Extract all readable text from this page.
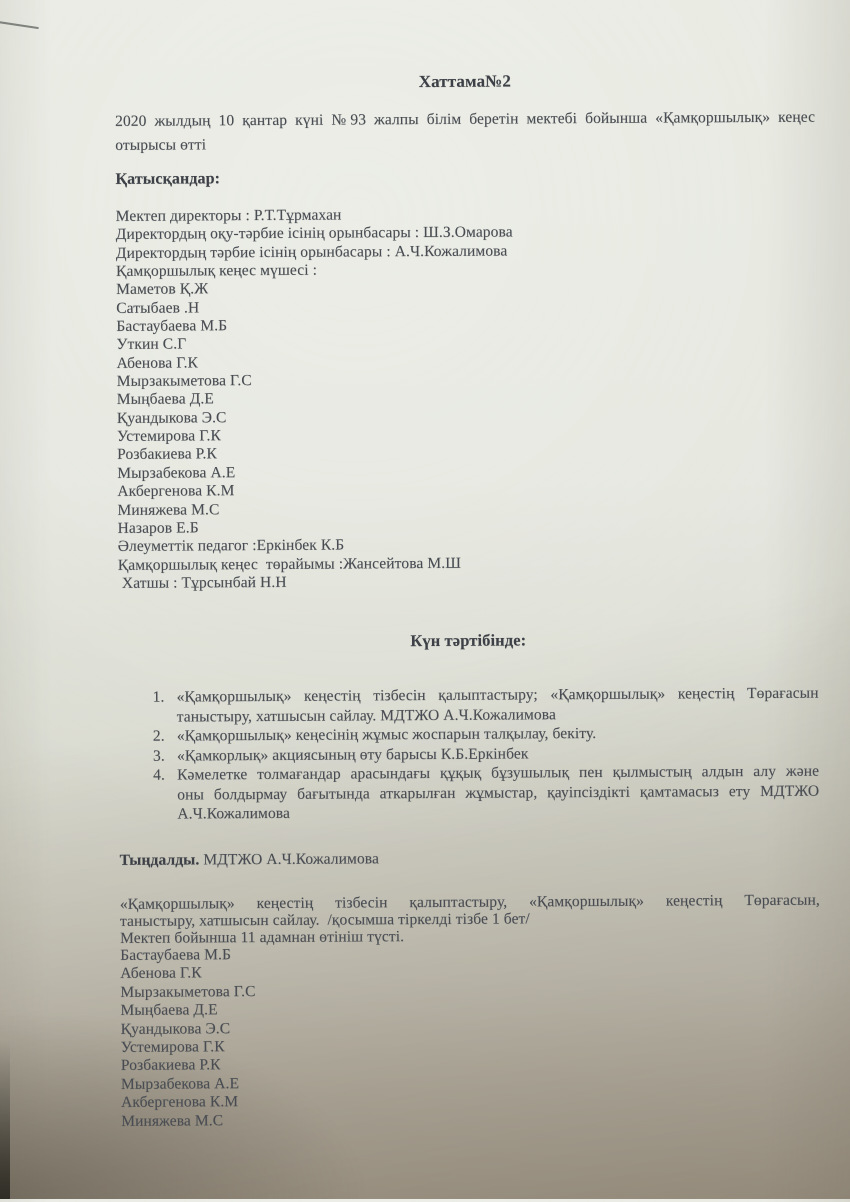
Хаттама№2
2020 жылдың 10 қантар күні №93 жалпы білім беретін мектебі бойынша «Қамқоршылық» кеңес
отырысы өтті
Қатысқандар:
Мектеп директоры : Р.Т.Тұрмахан
Директордың оқу-тәрбие ісінің орынбасары : Ш.З.Омарова
Директордың тәрбие ісінің орынбасары : А.Ч.Кожалимова
Қамқоршылық кеңес мүшесі :
Маметов Қ.Ж
Сатыбаев .Н
Бастаубаева М.Б
Уткин С.Г
Абенова Г.К
Мырзакыметова Г.С
Мыңбаева Д.Е
Қуандыкова Э.С
Устемирова Г.К
Розбакиева Р.К
Мырзабекова А.Е
Акбергенова К.М
Миняжева М.С
Назаров Е.Б
Әлеуметтік педагог :Еркінбек К.Б
Қамқоршылық кеңес  төрайымы :Жансейтова М.Ш
Хатшы : Тұрсынбай Н.Н
Күн тәртібінде:
1. «Қамқоршылық» кеңестің тізбесін қалыптастыру; «Қамқоршылық» кеңестің Төрағасын
таныстыру, хатшысын сайлау. МДТЖО А.Ч.Кожалимова
2. «Қамқоршылық» кеңесінің жұмыс жоспарын талқылау, бекіту.
3. «Қамкорлық» акциясының өту барысы К.Б.Еркінбек
4. Кәмелетке толмағандар арасындағы құқық бұзушылық пен қылмыстың алдын алу және
оны болдырмау бағытында аткарылған жұмыстар, қауіпсіздікті қамтамасыз ету МДТЖО
А.Ч.Кожалимова
Тыңдалды. МДТЖО А.Ч.Кожалимова
«Қамқоршылық» кеңестің тізбесін қалыптастыру, «Қамқоршылық» кеңестің Төрағасын,
таныстыру, хатшысын сайлау.  /қосымша тіркелді тізбе 1 бет/
Мектеп бойынша 11 адамнан өтініш түсті.
Бастаубаева М.Б
Абенова Г.К
Мырзакыметова Г.С
Мыңбаева Д.Е
Қуандыкова Э.С
Устемирова Г.К
Розбакиева Р.К
Мырзабекова А.Е
Акбергенова К.М
Миняжева М.С
